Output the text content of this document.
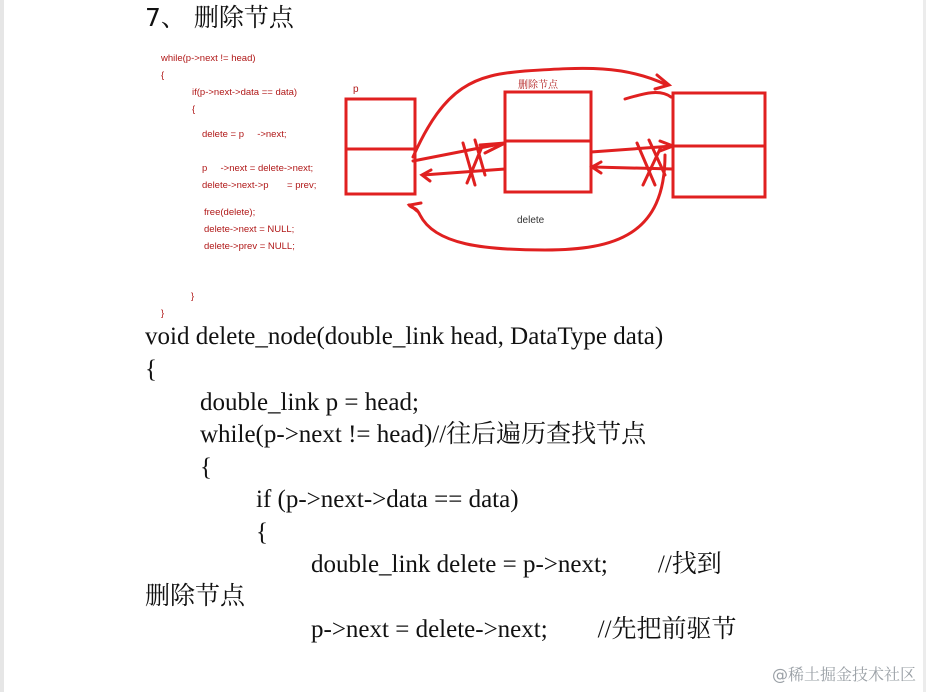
7、 删除节点
while(p->next != head)
{
if(p->next->data == data)
{
delete = p     ->next;
p     ->next = delete->next;
delete->next->p       = prev;
free(delete);
delete->next = NULL;
delete->prev = NULL;
}
}
p	删除节点
delete
void delete_node(double_link head, DataType data)
{
double_link p = head;
while(p->next != head)//往后遍历查找节点
{
if (p->next->data == data)
{
double_link delete = p->next;        //找到
删除节点
p->next = delete->next;        //先把前驱节
@稀土掘金技术社区
